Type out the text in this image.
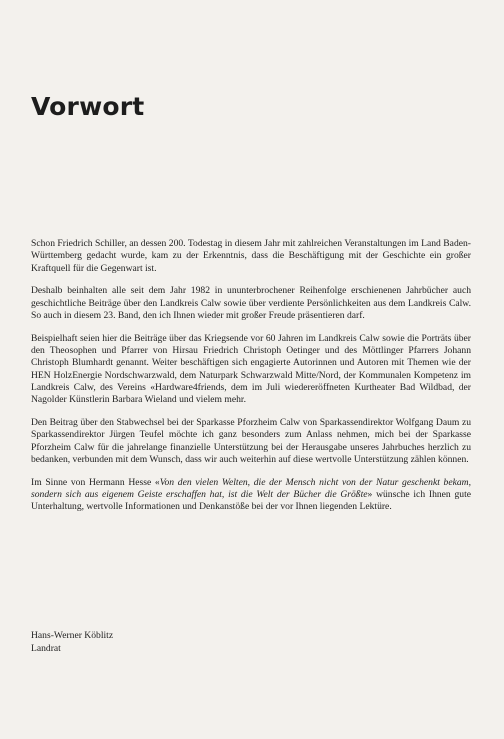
Vorwort

Schon Friedrich Schiller, an dessen 200. Todestag in diesem Jahr mit zahlreichen Veranstaltungen im Land Baden-Württemberg gedacht wurde, kam zu der Erkenntnis, dass die Beschäftigung mit der Geschichte ein großer Kraftquell für die Gegenwart ist.

Deshalb beinhalten alle seit dem Jahr 1982 in ununterbrochener Reihenfolge erschienenen Jahrbücher auch geschichtliche Beiträge über den Landkreis Calw sowie über verdiente Persönlichkeiten aus dem Landkreis Calw. So auch in diesem 23. Band, den ich Ihnen wieder mit großer Freude präsentieren darf.

Beispielhaft seien hier die Beiträge über das Kriegsende vor 60 Jahren im Landkreis Calw sowie die Porträts über den Theosophen und Pfarrer von Hirsau Friedrich Christoph Oetinger und des Möttlinger Pfarrers Johann Christoph Blumhardt genannt. Weiter beschäftigen sich engagierte Autorinnen und Autoren mit Themen wie der HEN HolzEnergie Nordschwarzwald, dem Naturpark Schwarzwald Mitte/Nord, der Kommunalen Kompetenz im Landkreis Calw, des Vereins «Hardware4friends, dem im Juli wiedereröffneten Kurtheater Bad Wildbad, der Nagolder Künstlerin Barbara Wieland und vielem mehr.

Den Beitrag über den Stabwechsel bei der Sparkasse Pforzheim Calw von Sparkassendirektor Wolfgang Daum zu Sparkassendirektor Jürgen Teufel möchte ich ganz besonders zum Anlass nehmen, mich bei der Sparkasse Pforzheim Calw für die jahrelange finanzielle Unterstützung bei der Herausgabe unseres Jahrbuches herzlich zu bedanken, verbunden mit dem Wunsch, dass wir auch weiterhin auf diese wertvolle Unterstützung zählen können.

Im Sinne von Hermann Hesse «Von den vielen Welten, die der Mensch nicht von der Natur geschenkt bekam, sondern sich aus eigenem Geiste erschaffen hat, ist die Welt der Bücher die Größte» wünsche ich Ihnen gute Unterhaltung, wertvolle Informationen und Denkanstöße bei der vor Ihnen liegenden Lektüre.

Hans-Werner Köblitz
Landrat
